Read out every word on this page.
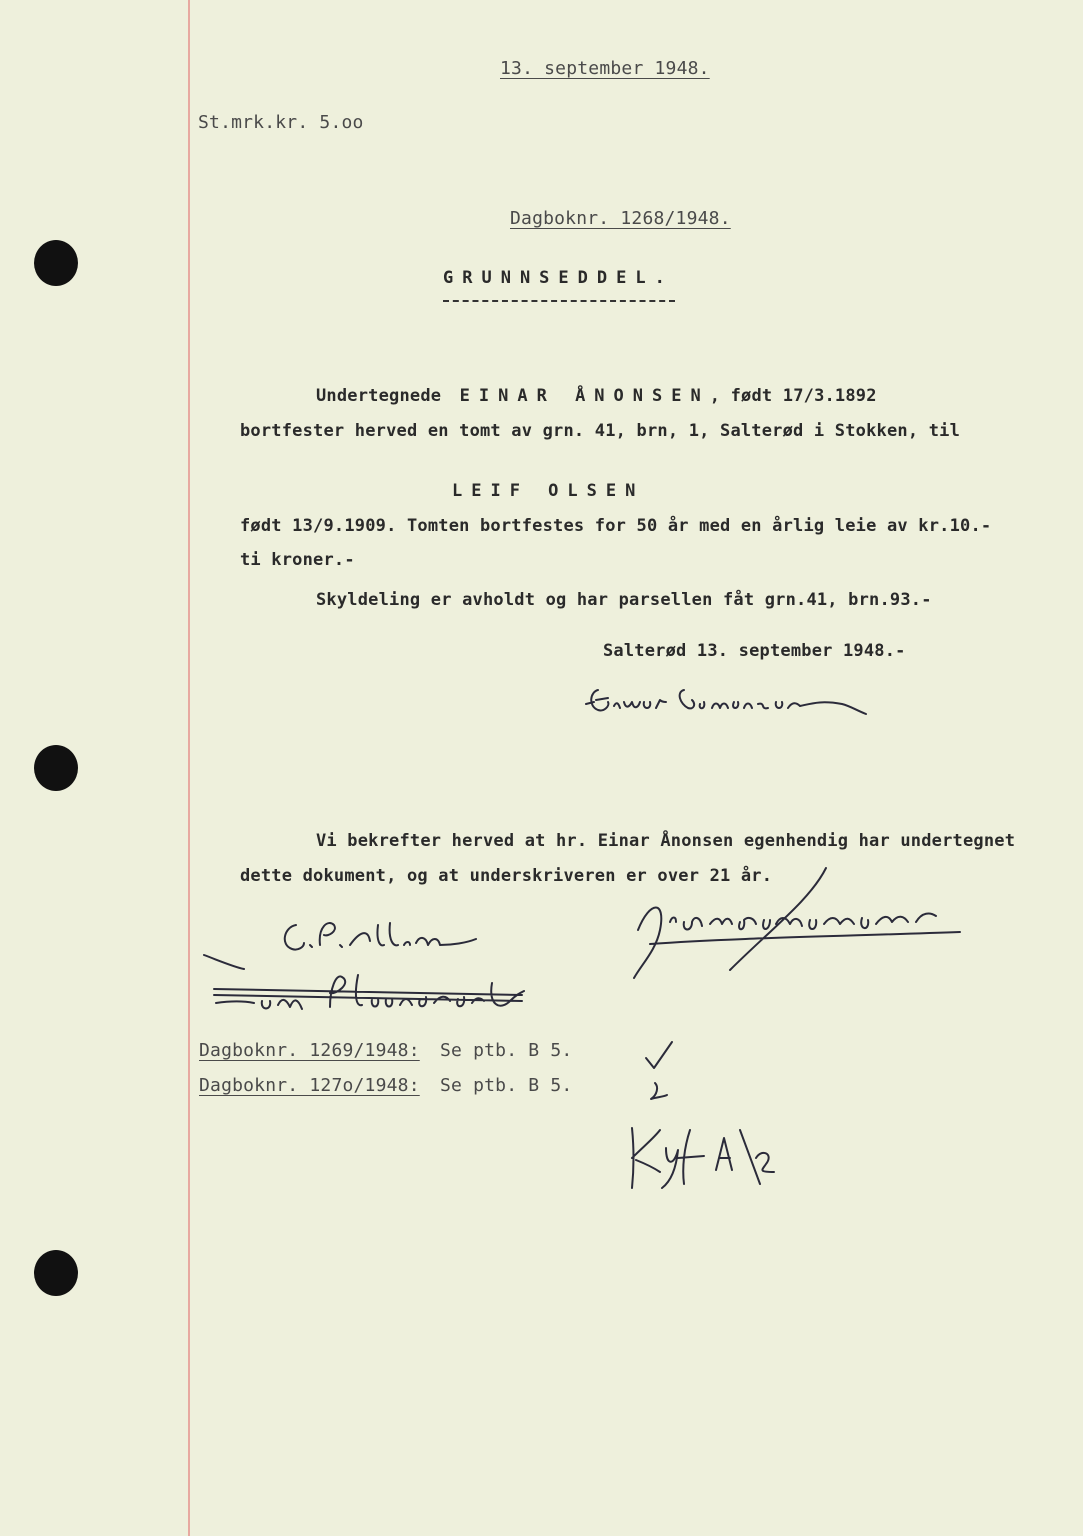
13. september 1948.
St.mrk.kr. 5.oo
Dagboknr. 1268/1948.
GRUNNSEDDEL.
Undertegnede EINAR ÅNONSEN, født 17/3.1892
bortfester herved en tomt av grn. 41, brn, 1, Salterød i Stokken, til
LEIF OLSEN
født 13/9.1909. Tomten bortfestes for 50 år med en årlig leie av kr.10.-
ti kroner.-
Skyldeling er avholdt og har parsellen fåt grn.41, brn.93.-
Salterød 13. september 1948.-
Vi bekrefter herved at hr. Einar Ånonsen egenhendig har undertegnet
dette dokument, og at underskriveren er over 21 år.
Dagboknr. 1269/1948: Se ptb. B 5.
Dagboknr. 127o/1948: Se ptb. B 5.
